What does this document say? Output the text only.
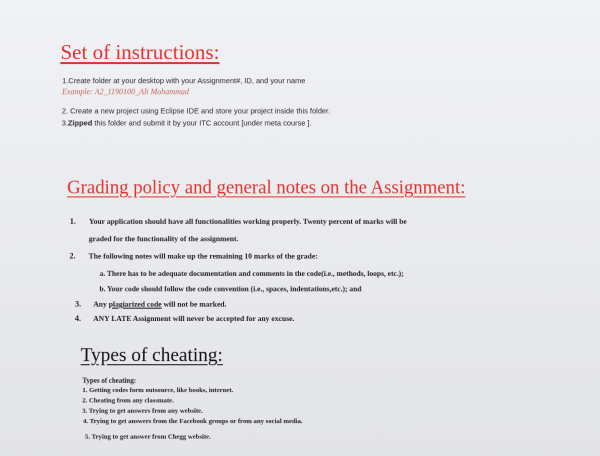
Set of instructions:
1.Create folder at your desktop with your Assignment#, ID, and your name
Example: A2_1190100_Ali Mohammad
2. Create a new project using Eclipse IDE and store your project inside this folder.
3.Zipped this folder and submit it by your ITC account [under meta course ].
Grading policy and general notes on the Assignment:
1. Your application should have all functionalities working properly. Twenty percent of marks will be
graded for the functionality of the assignment.
2. The following notes will make up the remaining 10 marks of the grade:
a. There has to be adequate documentation and comments in the code(i.e., methods, loops, etc.);
b. Your code should follow the code convention (i.e., spaces, indentations,etc.); and
3. Any plagiarized code will not be marked.
4. ANY LATE Assignment will never be accepted for any excuse.
Types of cheating:
Types of cheating:
1. Getting codes form outsource, like books, internet.
2. Cheating from any classmate.
3. Trying to get answers from any website.
4. Trying to get answers from the Facebook groups or from any social media.
5. Trying to get answer from Chegg website.
